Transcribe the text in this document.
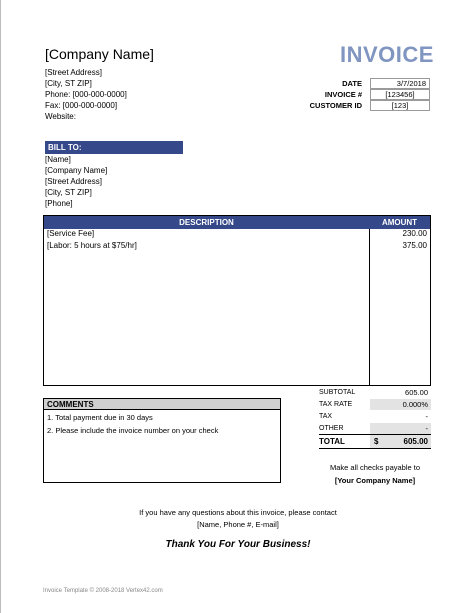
[Company Name]
[Street Address]
[City, ST ZIP]
Phone: [000-000-0000]
Fax: [000-000-0000]
Website:
INVOICE
DATE	3/7/2018
INVOICE #	[123456]
CUSTOMER ID	[123]
BILL TO:
[Name]
[Company Name]
[Street Address]
[City, ST ZIP]
[Phone]
DESCRIPTION	AMOUNT
[Service Fee]	230.00
[Labor: 5 hours at $75/hr]	375.00
SUBTOTAL	605.00
TAX RATE	0.000%
TAX	-
OTHER	-
TOTAL	$	605.00
COMMENTS
1. Total payment due in 30 days
2. Please include the invoice number on your check
Make all checks payable to
[Your Company Name]
If you have any questions about this invoice, please contact
[Name, Phone #, E-mail]
Thank You For Your Business!
Invoice Template © 2008-2018 Vertex42.com
